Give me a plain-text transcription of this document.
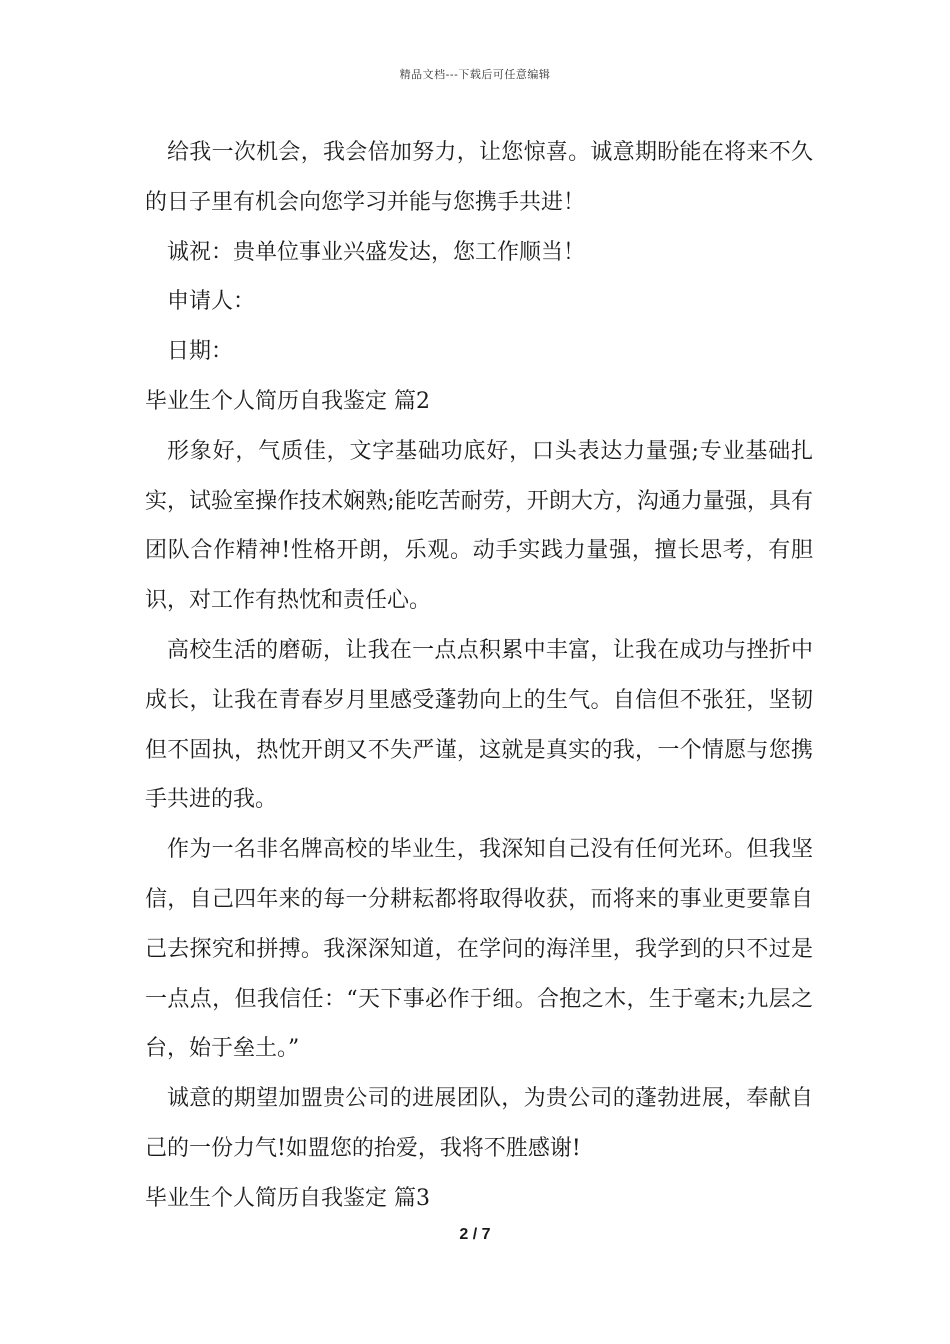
精品文档---下载后可任意编辑

给我一次机会，我会倍加努力，让您惊喜。诚意期盼能在将来不久的日子里有机会向您学习并能与您携手共进！

诚祝：贵单位事业兴盛发达，您工作顺当！

申请人：

日期：

毕业生个人简历自我鉴定 篇2

形象好，气质佳，文字基础功底好，口头表达力量强;专业基础扎实，试验室操作技术娴熟;能吃苦耐劳，开朗大方，沟通力量强，具有团队合作精神!性格开朗，乐观。动手实践力量强，擅长思考，有胆识，对工作有热忱和责任心。

高校生活的磨砺，让我在一点点积累中丰富，让我在成功与挫折中成长，让我在青春岁月里感受蓬勃向上的生气。自信但不张狂，坚韧但不固执，热忱开朗又不失严谨，这就是真实的我，一个情愿与您携手共进的我。

作为一名非名牌高校的毕业生，我深知自己没有任何光环。但我坚信，自己四年来的每一分耕耘都将取得收获，而将来的事业更要靠自己去探究和拼搏。我深深知道，在学问的海洋里，我学到的只不过是一点点，但我信任：“天下事必作于细。合抱之木，生于毫末;九层之台，始于垒土。”

诚意的期望加盟贵公司的进展团队，为贵公司的蓬勃进展，奉献自己的一份力气!如盟您的抬爱，我将不胜感谢!

毕业生个人简历自我鉴定 篇3

2 / 7
